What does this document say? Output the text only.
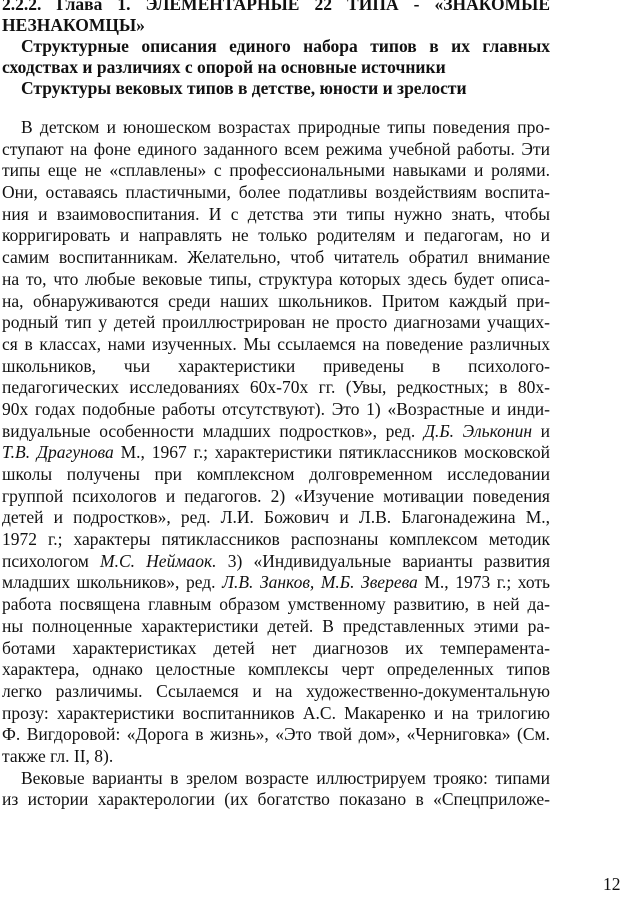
2.2.2. Глава 1. ЭЛЕМЕНТАРНЫЕ 22 ТИПА - «ЗНАКОМЫЕ
НЕЗНАКОМЦЫ»
Структурные описания единого набора типов в их главных
сходствах и различиях с опорой на основные источники
Структуры вековых типов в детстве, юности и зрелости
В детском и юношеском возрастах природные типы поведения про-
ступают на фоне единого заданного всем режима учебной работы. Эти
типы еще не «сплавлены» с профессиональными навыками и ролями.
Они, оставаясь пластичными, более податливы воздействиям воспита-
ния и взаимовоспитания. И с детства эти типы нужно знать, чтобы
корригировать и направлять не только родителям и педагогам, но и
самим воспитанникам. Желательно, чтоб читатель обратил внимание
на то, что любые вековые типы, структура которых здесь будет описа-
на, обнаруживаются среди наших школьников. Притом каждый при-
родный тип у детей проиллюстрирован не просто диагнозами учащих-
ся в классах, нами изученных. Мы ссылаемся на поведение различных
школьников, чьи характеристики приведены в психолого-
педагогических исследованиях 60х-70х гг. (Увы, редкостных; в 80х-
90х годах подобные работы отсутствуют). Это 1) «Возрастные и инди-
видуальные особенности младших подростков», ред. Д.Б. Эльконин и
Т.В. Драгунова М., 1967 г.; характеристики пятиклассников московской
школы получены при комплексном долговременном исследовании
группой психологов и педагогов. 2) «Изучение мотивации поведения
детей и подростков», ред. Л.И. Божович и Л.В. Благонадежина М.,
1972 г.; характеры пятиклассников распознаны комплексом методик
психологом М.С. Неймаок. 3) «Индивидуальные варианты развития
младших школьников», ред. Л.В. Занков, М.Б. Зверева М., 1973 г.; хоть
работа посвящена главным образом умственному развитию, в ней да-
ны полноценные характеристики детей. В представленных этими ра-
ботами характеристиках детей нет диагнозов их темперамента-
характера, однако целостные комплексы черт определенных типов
легко различимы. Ссылаемся и на художественно-документальную
прозу: характеристики воспитанников А.С. Макаренко и на трилогию
Ф. Вигдоровой: «Дорога в жизнь», «Это твой дом», «Черниговка» (См.
также гл. II, 8).
Вековые варианты в зрелом возрасте иллюстрируем трояко: типами
из истории характерологии (их богатство показано в «Спецприложе-
12
